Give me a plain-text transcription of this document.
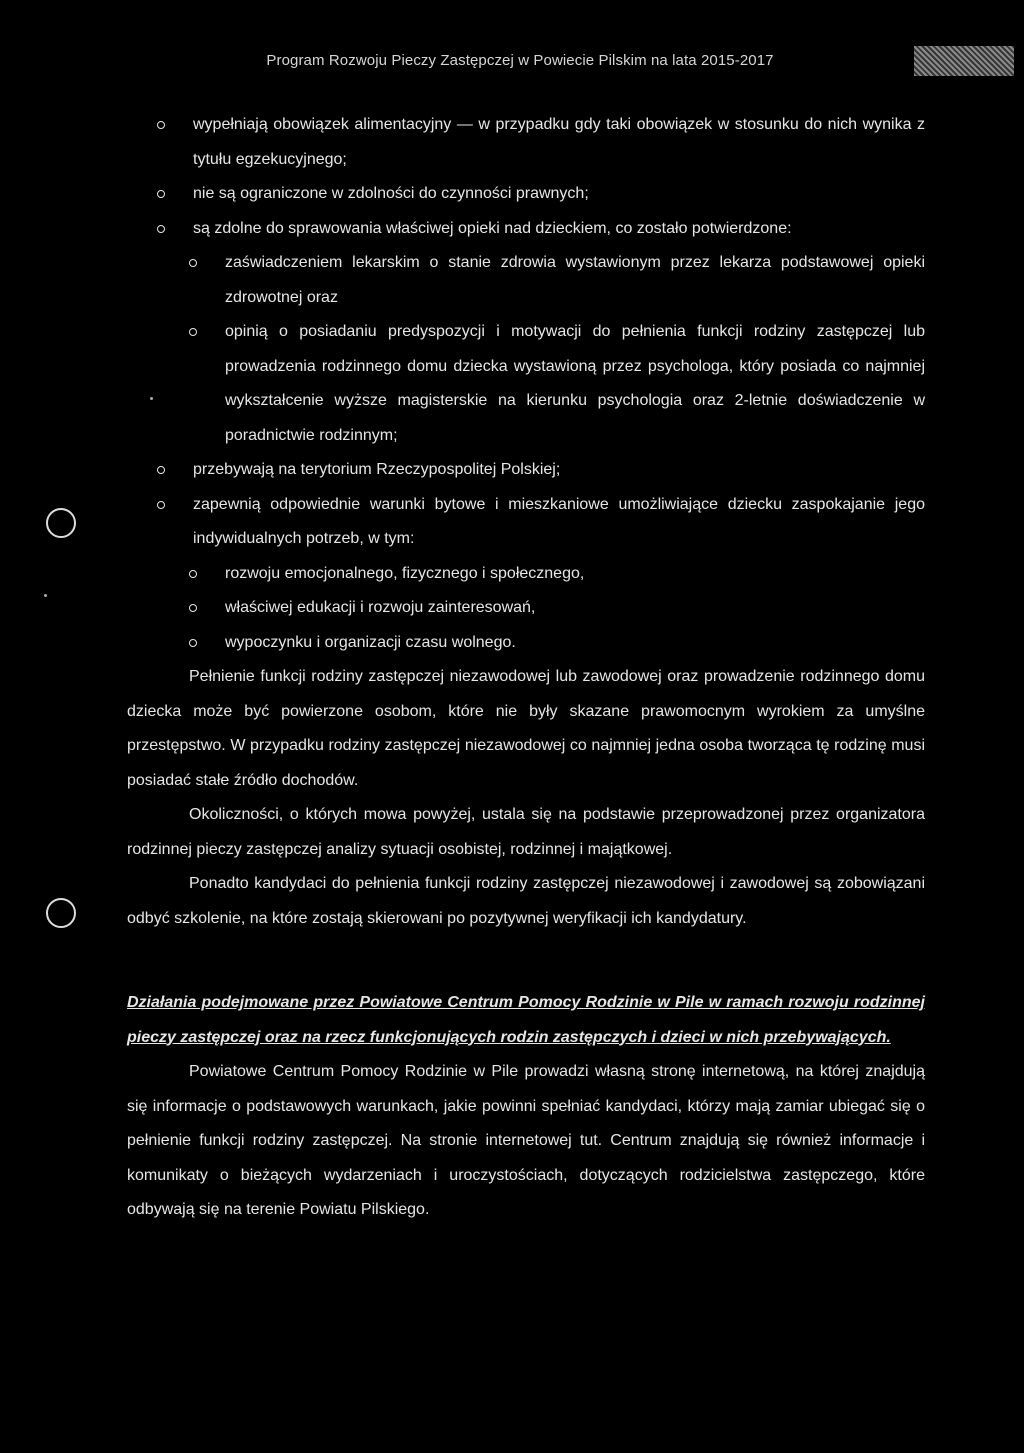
Program Rozwoju Pieczy Zastępczej w Powiecie Pilskim na lata 2015-2017
wypełniają obowiązek alimentacyjny — w przypadku gdy taki obowiązek w stosunku do nich wynika z tytułu egzekucyjnego;
nie są ograniczone w zdolności do czynności prawnych;
są zdolne do sprawowania właściwej opieki nad dzieckiem, co zostało potwierdzone:
zaświadczeniem lekarskim o stanie zdrowia wystawionym przez lekarza podstawowej opieki zdrowotnej oraz
opinią o posiadaniu predyspozycji i motywacji do pełnienia funkcji rodziny zastępczej lub prowadzenia rodzinnego domu dziecka wystawioną przez psychologa, który posiada co najmniej wykształcenie wyższe magisterskie na kierunku psychologia oraz 2-letnie doświadczenie w poradnictwie rodzinnym;
przebywają na terytorium Rzeczypospolitej Polskiej;
zapewnią odpowiednie warunki bytowe i mieszkaniowe umożliwiające dziecku zaspokajanie jego indywidualnych potrzeb, w tym:
rozwoju emocjonalnego, fizycznego i społecznego,
właściwej edukacji i rozwoju zainteresowań,
wypoczynku i organizacji czasu wolnego.
Pełnienie funkcji rodziny zastępczej niezawodowej lub zawodowej oraz prowadzenie rodzinnego domu dziecka może być powierzone osobom, które nie były skazane prawomocnym wyrokiem za umyślne przestępstwo. W przypadku rodziny zastępczej niezawodowej co najmniej jedna osoba tworząca tę rodzinę musi posiadać stałe źródło dochodów.
Okoliczności, o których mowa powyżej, ustala się na podstawie przeprowadzonej przez organizatora rodzinnej pieczy zastępczej analizy sytuacji osobistej, rodzinnej i majątkowej.
Ponadto kandydaci do pełnienia funkcji rodziny zastępczej niezawodowej i zawodowej są zobowiązani odbyć szkolenie, na które zostają skierowani po pozytywnej weryfikacji ich kandydatury.
Działania podejmowane przez Powiatowe Centrum Pomocy Rodzinie w Pile w ramach rozwoju rodzinnej pieczy zastępczej oraz na rzecz funkcjonujących rodzin zastępczych i dzieci w nich przebywających.
Powiatowe Centrum Pomocy Rodzinie w Pile prowadzi własną stronę internetową, na której znajdują się informacje o podstawowych warunkach, jakie powinni spełniać kandydaci, którzy mają zamiar ubiegać się o pełnienie funkcji rodziny zastępczej. Na stronie internetowej tut. Centrum znajdują się również informacje i komunikaty o bieżących wydarzeniach i uroczystościach, dotyczących rodzicielstwa zastępczego, które odbywają się na terenie Powiatu Pilskiego.
